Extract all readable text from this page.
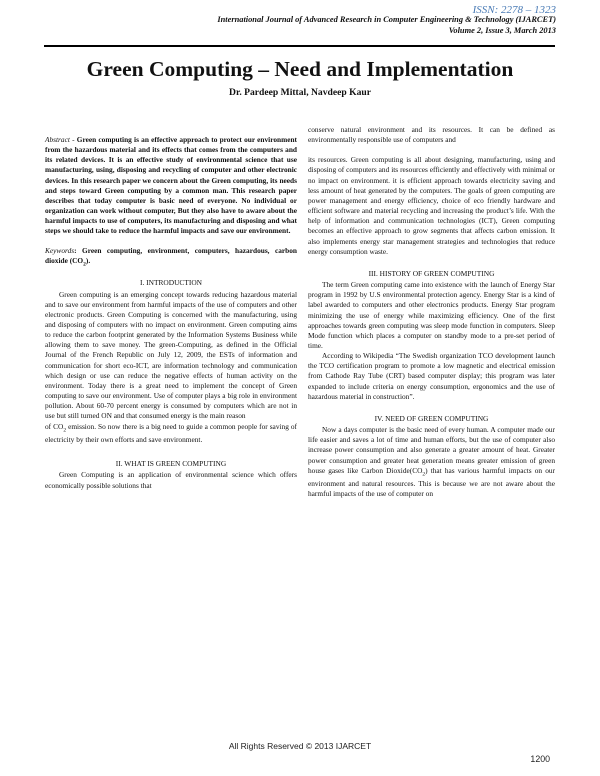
ISSN: 2278 – 1323
International Journal of Advanced Research in Computer Engineering & Technology (IJARCET)
Volume 2, Issue 3, March 2013
Green Computing – Need and Implementation
Dr. Pardeep Mittal, Navdeep Kaur

Abstract - Green computing is an effective approach to protect our environment from the hazardous material and its effects that comes from the computers and its related devices. It is an effective study of environmental science that use manufacturing, using, disposing and recycling of computer and other electronic devices. In this research paper we concern about the Green computing, its needs and steps toward Green computing by a common man. This research paper describes that today computer is basic need of everyone. No individual or organization can work without computer, But they also have to aware about the harmful impacts to use of computers, its manufacturing and disposing and what steps we should take to reduce the harmful impacts and save our environment.

Keywords: Green computing, environment, computers, hazardous, carbon dioxide $(CO_2)$.

I. INTRODUCTION

Green computing is an emerging concept towards reducing hazardous material and to save our environment from harmful impacts of the use of computers and other electronic products. Green Computing is concerned with the manufacturing, using and disposing of computers with no impact on environment. Green computing aims to reduce the carbon footprint generated by the Information Systems Business while allowing them to save money. The green-Computing, as defined in the Official Journal of the French Republic on July 12, 2009, the ESTs of information and communication for short eco-ICT, are information technology and communication which design or use can reduce the negative effects of human activity on the environment. Today there is a great need to implement the concept of Green computing to save our environment. Use of computer plays a big role in environment pollution. About 60-70 percent energy is consumed by computers which are not in use but still turned ON and that consumed energy is the main reason

of $CO_2$ emission. So now there is a big need to guide a common people for saving of electricity by their own efforts and save environment.

II. WHAT IS GREEN COMPUTING

Green Computing is an application of environmental science which offers economically possible solutions that

conserve natural environment and its resources. It can be defined as environmentally responsible use of computers and

its resources. Green computing is all about designing, manufacturing, using and disposing of computers and its resources efficiently and effectively with minimal or no impact on environment. it is efficient approach towards electricity saving and less amount of heat generated by the computers. The goals of green computing are power management and energy efficiency, choice of eco friendly hardware and efficient software and material recycling and increasing the product’s life. With the help of information and communication technologies (ICT), Green computing becomes an effective approach to grow segments that affects carbon emission. It also implements energy star management strategies and technologies that reduce energy consumption waste.

III. HISTORY OF GREEN COMPUTING

The term Green computing came into existence with the launch of Energy Star program in 1992 by U.S environmental protection agency. Energy Star is a kind of label awarded to computers and other electronics products. Energy Star program minimizing the use of energy while maximizing efficiency. One of the first approaches towards green computing was sleep mode function in computers. Sleep Mode function which places a computer on standby mode to a pre-set period of time.

According to Wikipedia “The Swedish organization TCO development launch the TCO certification program to promote a low magnetic and electrical emission from Cathode Ray Tube (CRT) based computer display; this program was later expanded to include criteria on energy consumption, ergonomics and the use of hazardous material in construction”.

IV. NEED OF GREEN COMPUTING

Now a days computer is the basic need of every human. A computer made our life easier and saves a lot of time and human efforts, but the use of computer also increase power consumption and also generate a greater amount of heat. Greater power consumption and greater heat generation means greater emission of green house gases like Carbon $Dioxide(CO_2)$ that has various harmful impacts on our environment and natural resources. This is because we are not aware about the harmful impacts of the use of computer on

All Rights Reserved © 2013 IJARCET
1200
